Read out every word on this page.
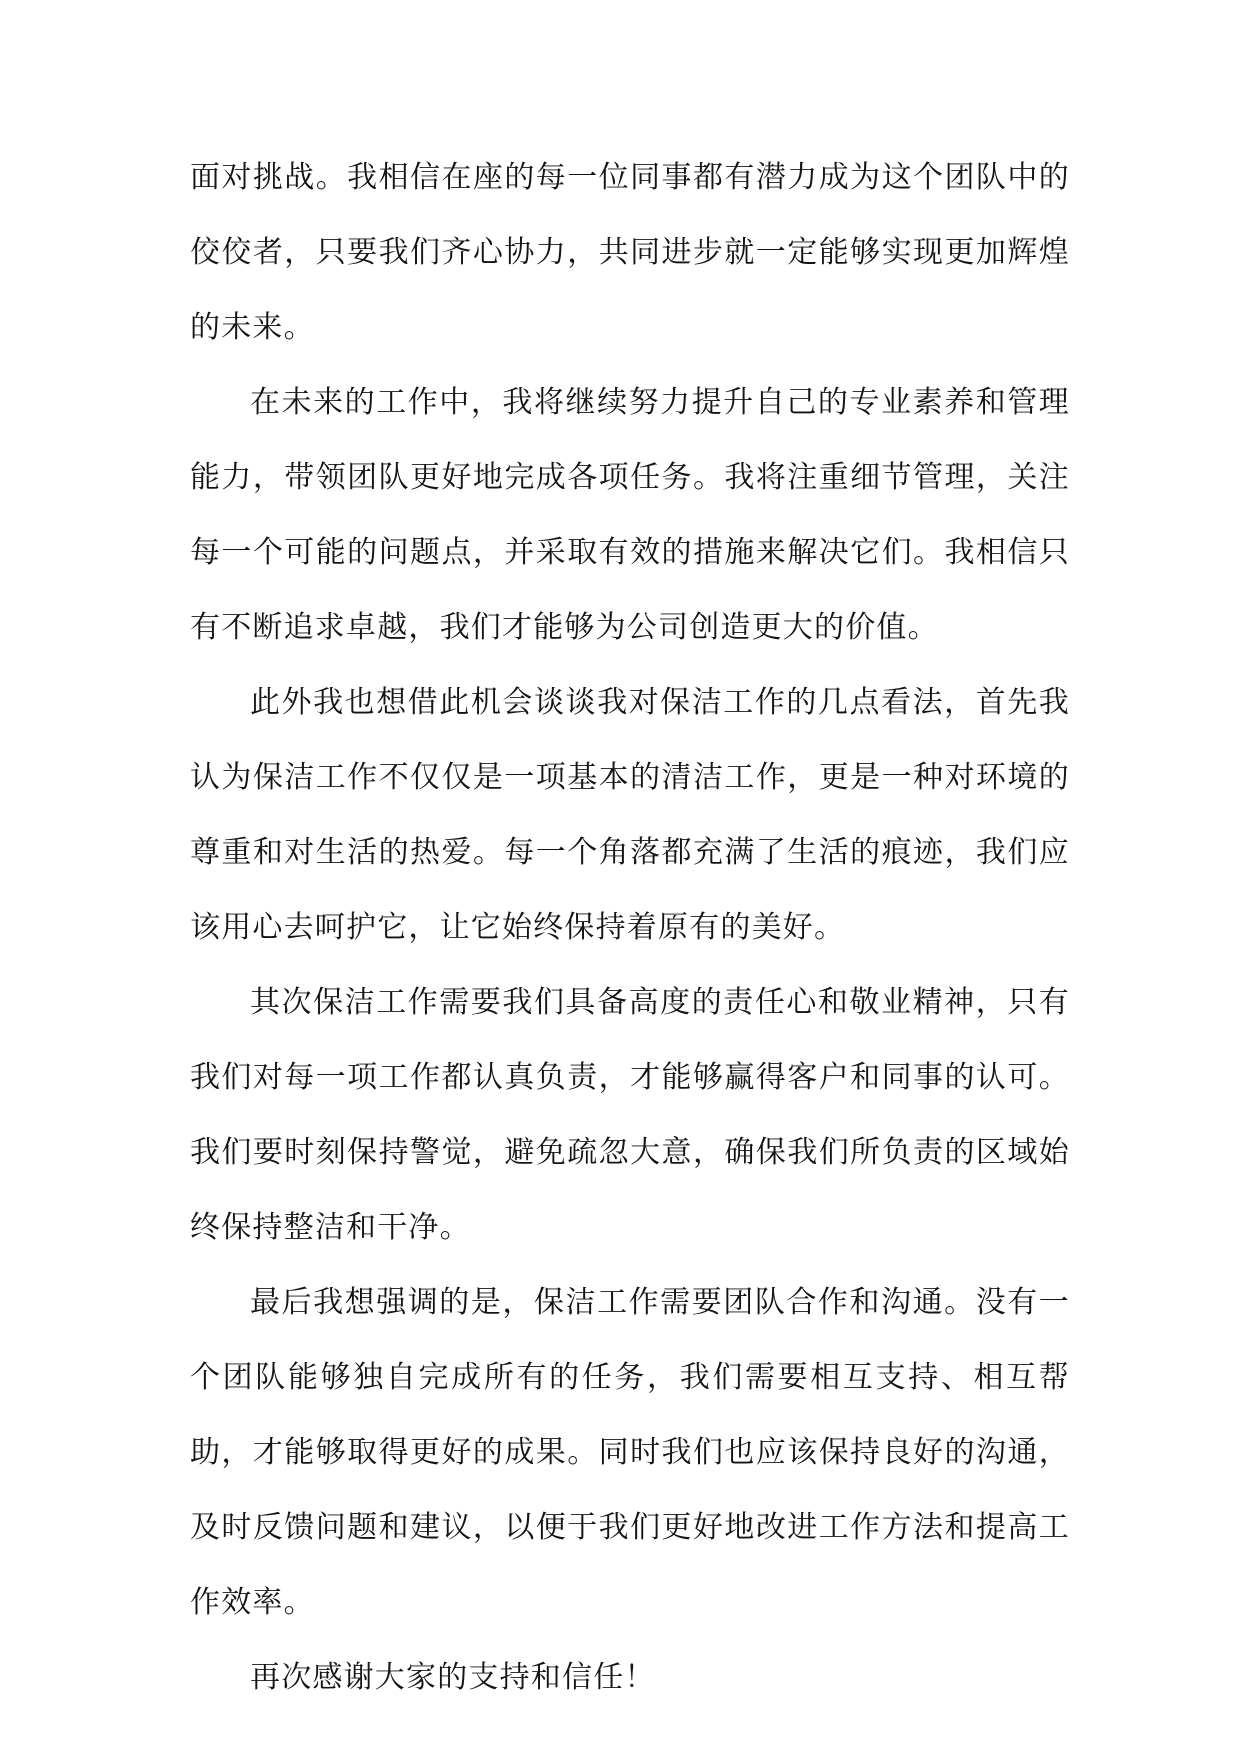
面对挑战。我相信在座的每一位同事都有潜力成为这个团队中的佼佼者，只要我们齐心协力，共同进步就一定能够实现更加辉煌的未来。

在未来的工作中，我将继续努力提升自己的专业素养和管理能力，带领团队更好地完成各项任务。我将注重细节管理，关注每一个可能的问题点，并采取有效的措施来解决它们。我相信只有不断追求卓越，我们才能够为公司创造更大的价值。

此外我也想借此机会谈谈我对保洁工作的几点看法，首先我认为保洁工作不仅仅是一项基本的清洁工作，更是一种对环境的尊重和对生活的热爱。每一个角落都充满了生活的痕迹，我们应该用心去呵护它，让它始终保持着原有的美好。

其次保洁工作需要我们具备高度的责任心和敬业精神，只有我们对每一项工作都认真负责，才能够赢得客户和同事的认可。我们要时刻保持警觉，避免疏忽大意，确保我们所负责的区域始终保持整洁和干净。

最后我想强调的是，保洁工作需要团队合作和沟通。没有一个团队能够独自完成所有的任务，我们需要相互支持、相互帮助，才能够取得更好的成果。同时我们也应该保持良好的沟通，及时反馈问题和建议，以便于我们更好地改进工作方法和提高工作效率。

再次感谢大家的支持和信任！
